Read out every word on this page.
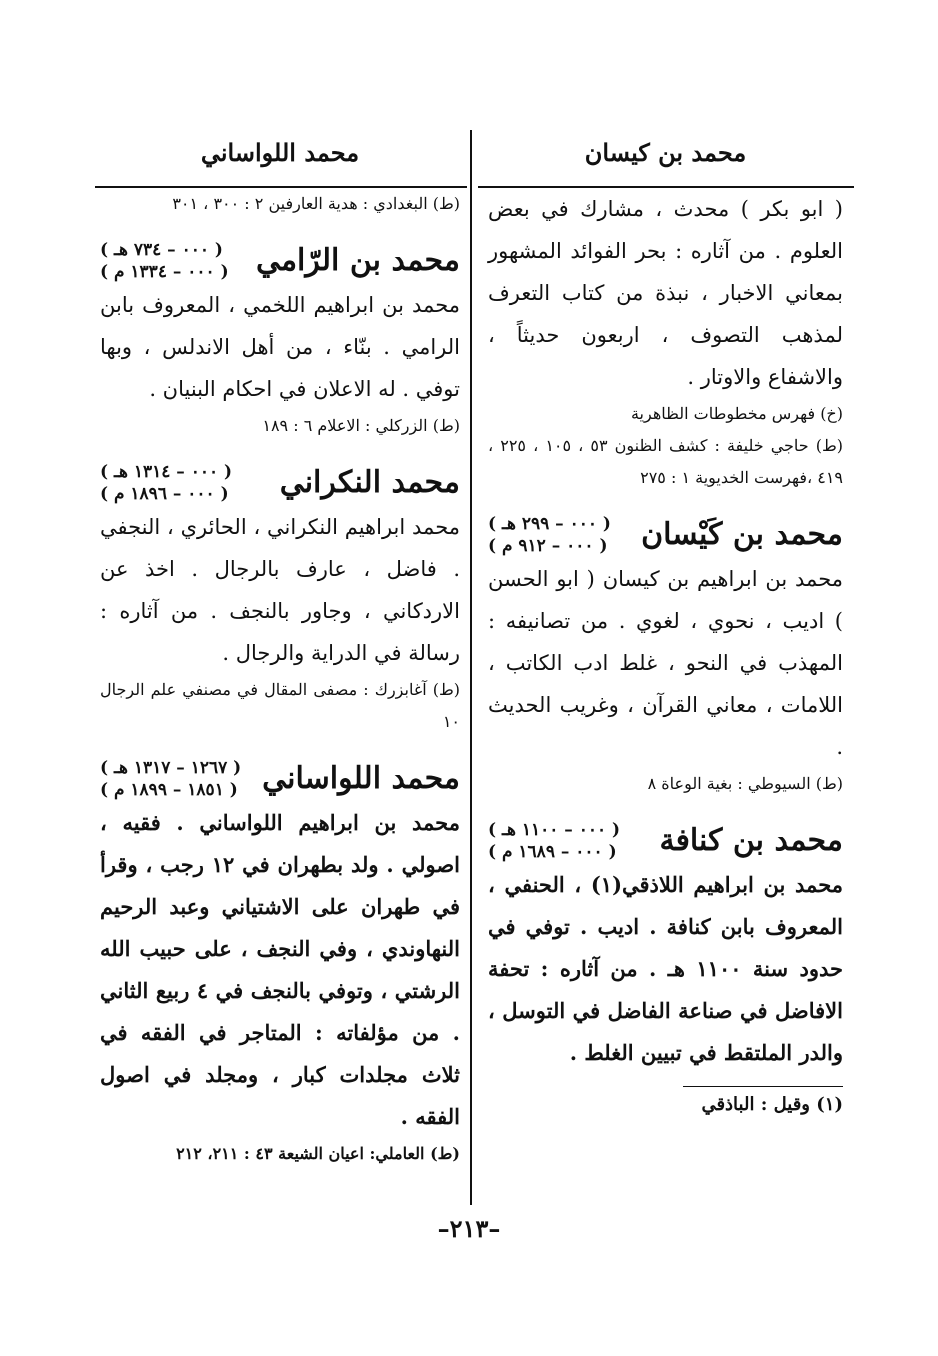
محمد بن كيسان
محمد اللواساني

( ابو بكر ) محدث ، مشارك في بعض العلوم . من آثاره : بحر الفوائد المشهور بمعاني الاخبار ، نبذة من كتاب التعرف لمذهب التصوف ، اربعون حديثاً ، والاشفاع والاوتار .

(خ) فهرس مخطوطات الظاهرية

(ط) حاجي خليفة : كشف الظنون ٥٣ ، ١٠٥ ، ٢٢٥ ، ٤١٩ ،فهرست الخديوية ١ : ٢٧٥

محمد بن كَيْسان
( ٠٠٠ – ٢٩٩ هـ )
( ٠٠٠ – ٩١٢ م )

محمد بن ابراهيم بن كيسان ( ابو الحسن ) اديب ، نحوي ، لغوي . من تصانيفه : المهذب في النحو ، غلط ادب الكاتب ، اللامات ، معاني القرآن ، وغريب الحديث .

(ط) السيوطي : بغية الوعاة ٨

محمد بن كنافة
( ٠٠٠ – ١١٠٠ هـ )
( ٠٠٠ – ١٦٨٩ م )

محمد بن ابراهيم اللاذقي(١) ، الحنفي ، المعروف بابن كنافة . اديب . توفي في حدود سنة ١١٠٠ هـ . من آثاره : تحفة الافاضل في صناعة الفاضل في التوسل ، والدر الملتقط في تبيين الغلط .

(١) وقيل : الباذقي

(ط) البغدادي : هدية العارفين ٢ : ٣٠٠ ، ٣٠١

محمد بن الرّامي
( ٠٠٠ – ٧٣٤ هـ )
( ٠٠٠ – ١٣٣٤ م )

محمد بن ابراهيم اللخمي ، المعروف بابن الرامي . بنّاء ، من أهل الاندلس ، وبها توفي . له الاعلان في احكام البنيان .

(ط) الزركلي : الاعلام ٦ : ١٨٩

محمد النكراني
( ٠٠٠ – ١٣١٤ هـ )
( ٠٠٠ – ١٨٩٦ م )

محمد ابراهيم النكراني ، الحائري ، النجفي . فاضل ، عارف بالرجال . اخذ عن الاردكاني ، وجاور بالنجف . من آثاره : رسالة في الدراية والرجال .

(ط) آغابزرك : مصفى المقال في مصنفي علم الرجال ١٠

محمد اللواساني
( ١٢٦٧ – ١٣١٧ هـ )
( ١٨٥١ – ١٨٩٩ م )

محمد بن ابراهيم اللواساني . فقيه ، اصولي . ولد بطهران في ١٢ رجب ، وقرأ في طهران على الاشتياني وعبد الرحيم النهاوندي ، وفي النجف ، على حبيب الله الرشتي ، وتوفي بالنجف في ٤ ربيع الثاني . من مؤلفاته : المتاجر في الفقه في ثلاث مجلدات كبار ، ومجلد في اصول الفقه .

(ط) العاملي: اعيان الشيعة ٤٣ : ٢١١، ٢١٢

–٢١٣–
